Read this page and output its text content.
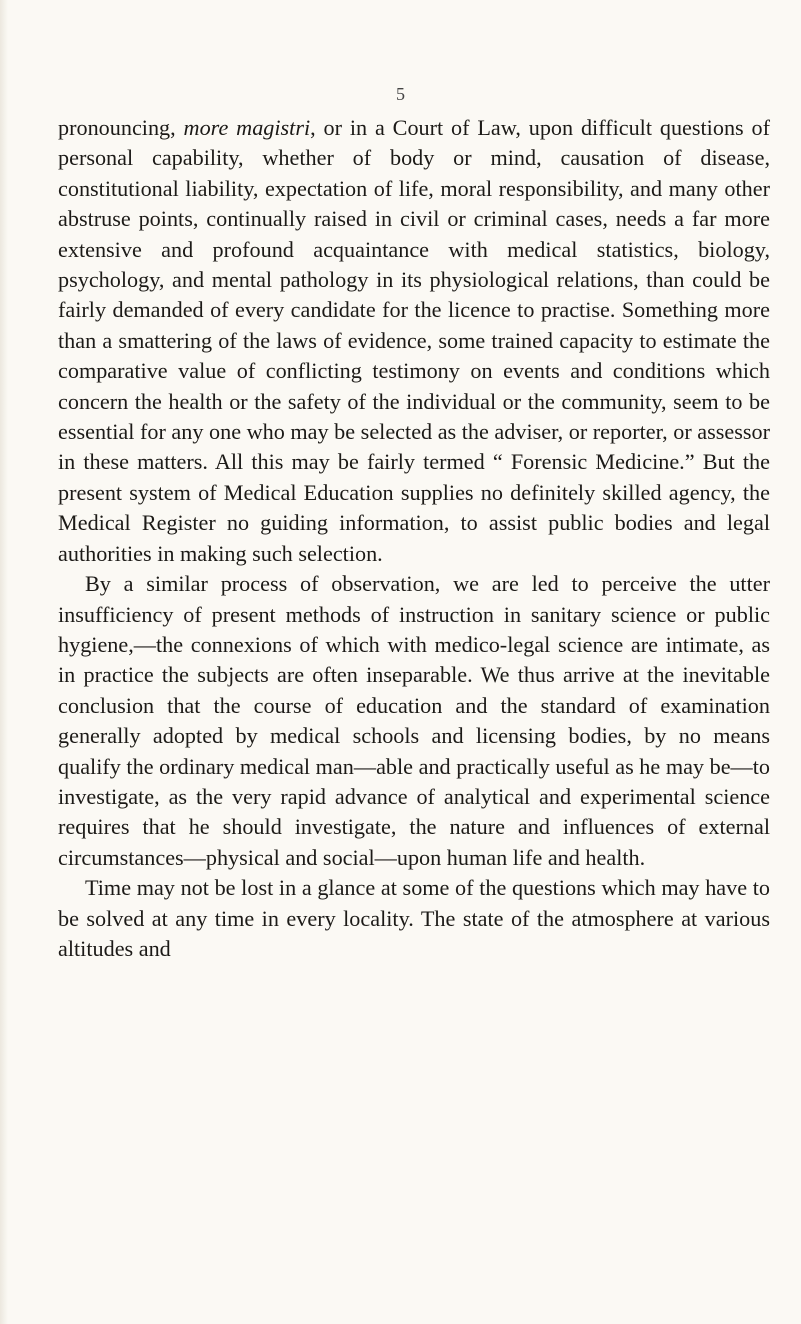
5

pronouncing, more magistri, or in a Court of Law, upon difficult questions of personal capability, whether of body or mind, causation of disease, constitutional liability, expectation of life, moral responsibility, and many other abstruse points, continually raised in civil or criminal cases, needs a far more extensive and profound acquaintance with medical statistics, biology, psychology, and mental pathology in its physiological relations, than could be fairly demanded of every candidate for the licence to practise. Something more than a smattering of the laws of evidence, some trained capacity to estimate the comparative value of conflicting testimony on events and conditions which concern the health or the safety of the individual or the community, seem to be essential for any one who may be selected as the adviser, or reporter, or assessor in these matters. All this may be fairly termed “ Forensic Medicine.” But the present system of Medical Education supplies no definitely skilled agency, the Medical Register no guiding information, to assist public bodies and legal authorities in making such selection.

By a similar process of observation, we are led to perceive the utter insufficiency of present methods of instruction in sanitary science or public hygiene,—the connexions of which with medico-legal science are intimate, as in practice the subjects are often inseparable. We thus arrive at the inevitable conclusion that the course of education and the standard of examination generally adopted by medical schools and licensing bodies, by no means qualify the ordinary medical man—able and practically useful as he may be—to investigate, as the very rapid advance of analytical and experimental science requires that he should investigate, the nature and influences of external circumstances—physical and social—upon human life and health.

Time may not be lost in a glance at some of the questions which may have to be solved at any time in every locality. The state of the atmosphere at various altitudes and
